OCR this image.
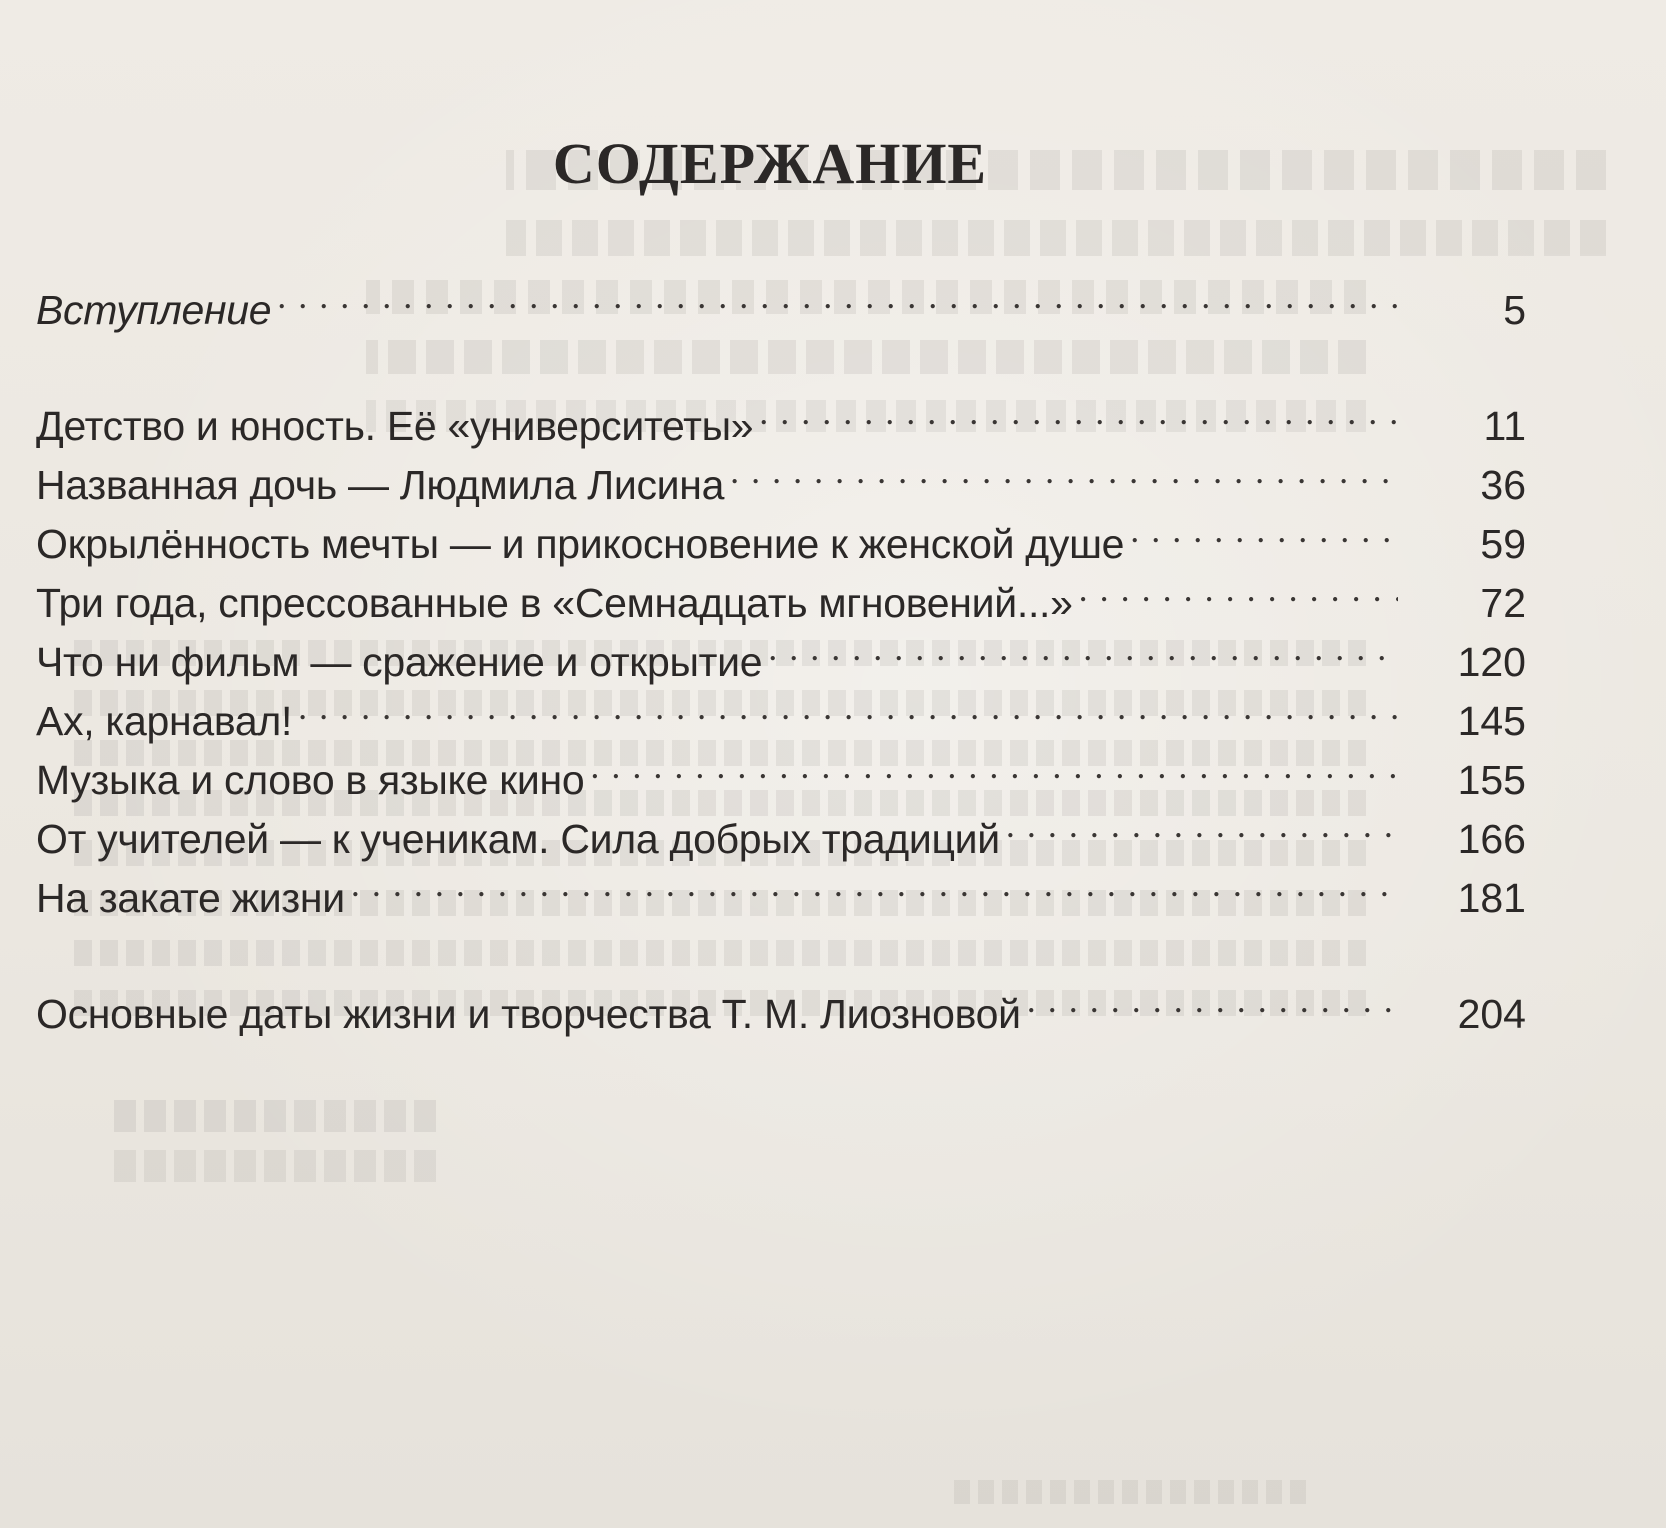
СОДЕРЖАНИЕ
Вступление . . .	5
Детство и юность. Её «университеты» . . .	11
Названная дочь — Людмила Лисина . . .	36
Окрылённость мечты — и прикосновение к женской душе . . .	59
Три года, спрессованные в «Семнадцать мгновений...» . . .	72
Что ни фильм — сражение и открытие . . .	120
Ах, карнавал! . . .	145
Музыка и слово в языке кино . . .	155
От учителей — к ученикам. Сила добрых традиций . . .	166
На закате жизни . . .	181
Основные даты жизни и творчества Т. М. Лиозновой . . .	204
